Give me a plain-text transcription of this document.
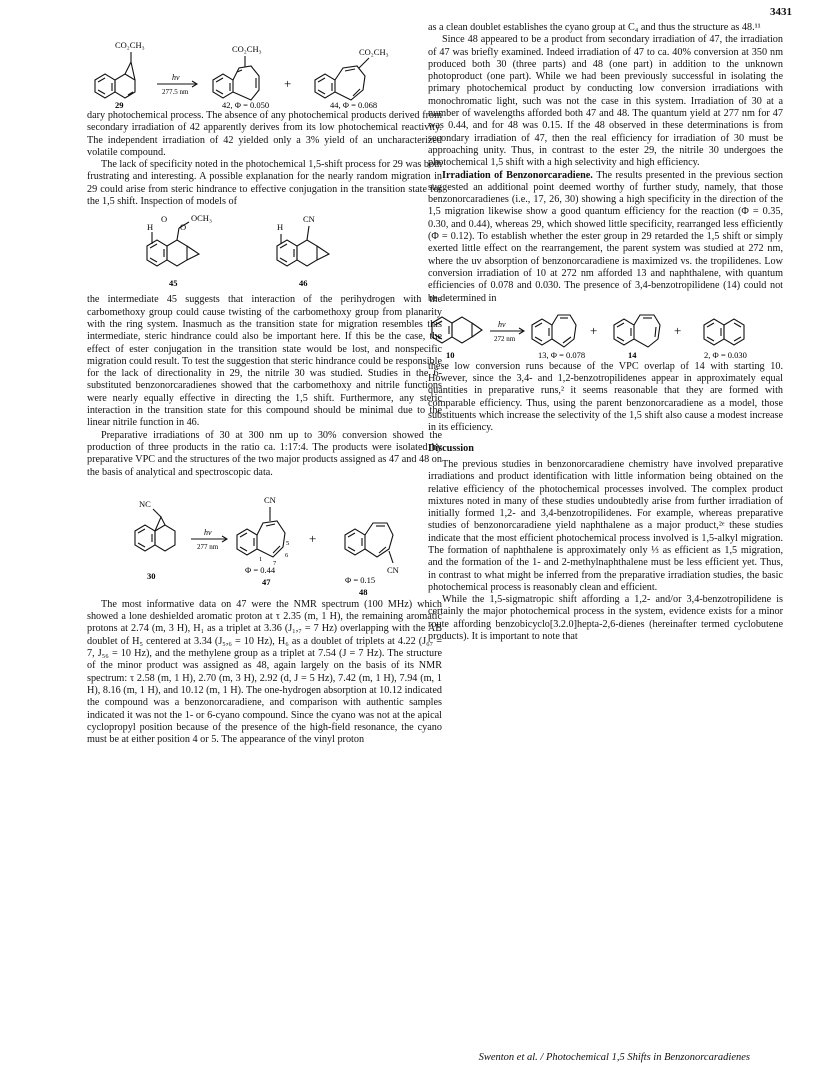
3431
CO₂CH₃	CO₂CH₃	CO₂CH₃
hν
277.5 nm
+
29	42, Φ = 0.050	44, Φ = 0.068

dary photochemical process. The absence of any photochemical products derived from secondary irradiation of 42 apparently derives from its low photochemical reactivity. The independent irradiation of 42 yielded only a 3% yield of an uncharacterized volatile compound.

The lack of specificity noted in the photochemical 1,5-shift process for 29 was both frustrating and interesting. A possible explanation for the nearly random migration in 29 could arise from steric hindrance to effective conjugation in the transition state for the 1,5 shift. Inspection of models of

H
O
O
OCH₃
H
CN
45	46

the intermediate 45 suggests that interaction of the perihydrogen with the carbomethoxy group could cause twisting of the carbomethoxy group from planarity with the ring system. Inasmuch as the transition state for migration resembles this intermediate, steric hindrance could also be important here. If this be the case, the effect of ester conjugation in the transition state would be lost, and nonspecific migration could result. To test the suggestion that steric hindrance could be responsible for the lack of directionality in 29, the nitrile 30 was studied. Studies in the 6-substituted benzonorcaradienes showed that the carbomethoxy and nitrile functions were nearly equally effective in directing the 1,5 shift. Furthermore, any steric interaction in the transition state for this compound should be minimal due to the linear nitrile function in 46.

Preparative irradiations of 30 at 300 nm up to 30% conversion showed the production of three products in the ratio ca. 1:17:4. The products were isolated by preparative VPC and the structures of the two major products assigned as 47 and 48 on the basis of analytical and spectroscopic data.

NC	CN
CN
hν
277 nm
+
1
5
6
7
30
Φ = 0.44
47	Φ = 0.15
48

The most informative data on 47 were the NMR spectrum (100 MHz) which showed a lone deshielded aromatic proton at τ 2.35 (m, 1 H), the remaining aromatic protons at 2.74 (m, 3 H), H₁ as a triplet at 3.36 (J₁,₇ = 7 Hz) overlapping with the AB doublet of H₅ centered at 3.34 (J₅,₆ = 10 Hz), H₆ as a doublet of triplets at 4.22 (J₆₇ = 7, J₅₆ = 10 Hz), and the methylene group as a triplet at 7.54 (J = 7 Hz). The structure of the minor product was assigned as 48, again largely on the basis of its NMR spectrum: τ 2.58 (m, 1 H), 2.70 (m, 3 H), 2.92 (d, J = 5 Hz), 7.42 (m, 1 H), 7.94 (m, 1 H), 8.16 (m, 1 H), and 10.12 (m, 1 H). The one-hydrogen absorption at 10.12 indicated the compound was a benzonorcaradiene, and comparison with authentic samples indicated it was not the 1- or 6-cyano compound. Since the cyano was not at the apical cyclopropyl position because of the presence of the high-field resonance, the cyano must be at either position 4 or 5. The appearance of the vinyl proton

as a clean doublet establishes the cyano group at C₄ and thus the structure as 48.¹¹

Since 48 appeared to be a product from secondary irradiation of 47, the irradiation of 47 was briefly examined. Indeed irradiation of 47 to ca. 40% conversion at 350 nm produced both 30 (three parts) and 48 (one part) in addition to the unknown photoproduct (one part). While we had been previously successful in isolating the primary photochemical product by conducting low conversion irradiations with monochromatic light, such was not the case in this system. Irradiation of 30 at a number of wavelengths afforded both 47 and 48. The quantum yield at 277 nm for 47 was 0.44, and for 48 was 0.15. If the 48 observed in these determinations is from secondary irradiation of 47, then the real efficiency for irradiation of 30 must be approaching unity. Thus, in contrast to the ester 29, the nitrile 30 undergoes the photochemical 1,5 shift with a high selectivity and high efficiency.

Irradiation of Benzonorcaradiene. The results presented in the previous section suggested an additional point deemed worthy of further study, namely, that those benzonorcaradienes (i.e., 17, 26, 30) showing a high specificity in the direction of the 1,5 migration likewise show a good quantum efficiency for the reaction (Φ = 0.35, 0.30, and 0.44), whereas 29, which showed little specificity, rearranged less efficiently (Φ = 0.12). To establish whether the ester group in 29 retarded the 1,5 shift or simply exerted little effect on the rearrangement, the parent system was studied at 272 nm, where the uv absorption of benzonorcaradiene is maximized vs. the tropilidenes. Low conversion irradiation of 10 at 272 nm afforded 13 and naphthalene, with quantum efficiencies of 0.078 and 0.030. The presence of 3,4-benzotropilidene (14) could not be determined in

hν
272 nm
+	+
10	13, Φ = 0.078	14	2, Φ = 0.030

these low conversion runs because of the VPC overlap of 14 with starting 10. However, since the 3,4- and 1,2-benzotropilidenes appear in approximately equal quantities in preparative runs,² it seems reasonable that they are formed with comparable efficiency. Thus, using the parent benzonorcaradiene as a model, those substituents which increase the selectivity of the 1,5 shift also cause a modest increase in its efficiency.

Discussion

The previous studies in benzonorcaradiene chemistry have involved preparative irradiations and product identification with little information being obtained on the relative efficiency of the photochemical processes involved. The complex product mixtures noted in many of these studies undoubtedly arise from further irradiation of initially formed 1,2- and 3,4-benzotropilidenes. For example, whereas preparative studies of benzonorcaradiene yield naphthalene as a major product,²ᵉ these studies indicate that the most efficient photochemical process involved is 1,5-alkyl migration. The formation of naphthalene is approximately only ⅓ as efficient as 1,5 migration, and the formation of the 1- and 2-methylnaphthalene must be less efficient yet. Thus, in contrast to what might be inferred from the preparative irradiation studies, the basic photochemical process is reasonably clean and efficient.

While the 1,5-sigmatropic shift affording a 1,2- and/or 3,4-benzotropilidene is certainly the major photochemical process in the system, evidence exists for a minor route affording benzobicyclo[3.2.0]hepta-2,6-dienes (hereinafter termed cyclobutene products). It is important to note that

Swenton et al. / Photochemical 1,5 Shifts in Benzonorcaradienes
